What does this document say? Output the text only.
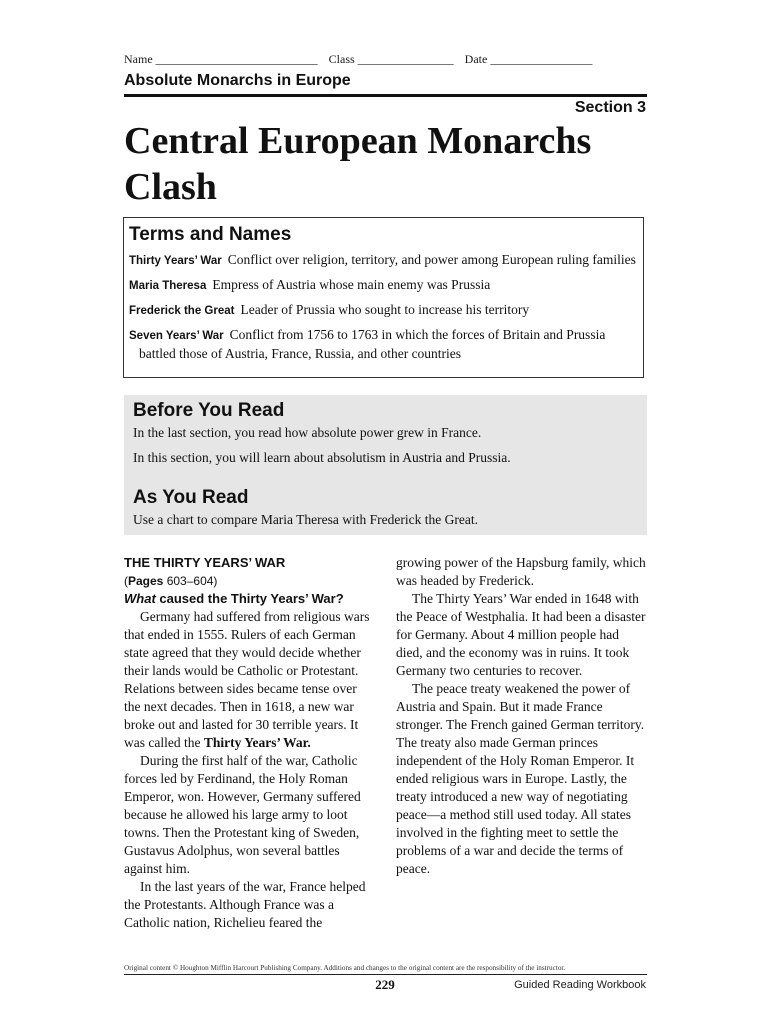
Name ___________________________ Class ________________ Date _________________
Absolute Monarchs in Europe
Section 3
Central European Monarchs
Clash
Terms and Names
Thirty Years’ War Conflict over religion, territory, and power among European ruling families
Maria Theresa Empress of Austria whose main enemy was Prussia
Frederick the Great Leader of Prussia who sought to increase his territory
Seven Years’ War Conflict from 1756 to 1763 in which the forces of Britain and Prussia battled those of Austria, France, Russia, and other countries
Before You Read

In the last section, you read how absolute power grew in France.

In this section, you will learn about absolutism in Austria and Prussia.

As You Read

Use a chart to compare Maria Theresa with Frederick the Great.

THE THIRTY YEARS’ WAR
(Pages 603–604)
What caused the Thirty Years’ War?

Germany had suffered from religious wars that ended in 1555. Rulers of each German state agreed that they would decide whether their lands would be Catholic or Protestant. Relations between sides became tense over the next decades. Then in 1618, a new war broke out and lasted for 30 terrible years. It was called the Thirty Years’ War.

During the first half of the war, Catholic forces led by Ferdinand, the Holy Roman Emperor, won. However, Germany suffered because he allowed his large army to loot towns. Then the Protestant king of Sweden, Gustavus Adolphus, won several battles against him.

In the last years of the war, France helped the Protestants. Although France was a Catholic nation, Richelieu feared the

growing power of the Hapsburg family, which was headed by Frederick.

The Thirty Years’ War ended in 1648 with the Peace of Westphalia. It had been a disaster for Germany. About 4 million people had died, and the economy was in ruins. It took Germany two centuries to recover.

The peace treaty weakened the power of Austria and Spain. But it made France stronger. The French gained German territory. The treaty also made German princes independent of the Holy Roman Emperor. It ended religious wars in Europe. Lastly, the treaty introduced a new way of negotiating peace—a method still used today. All states involved in the fighting meet to settle the problems of a war and decide the terms of peace.

Original content © Houghton Mifflin Harcourt Publishing Company. Additions and changes to the original content are the responsibility of the instructor.
229	Guided Reading Workbook
